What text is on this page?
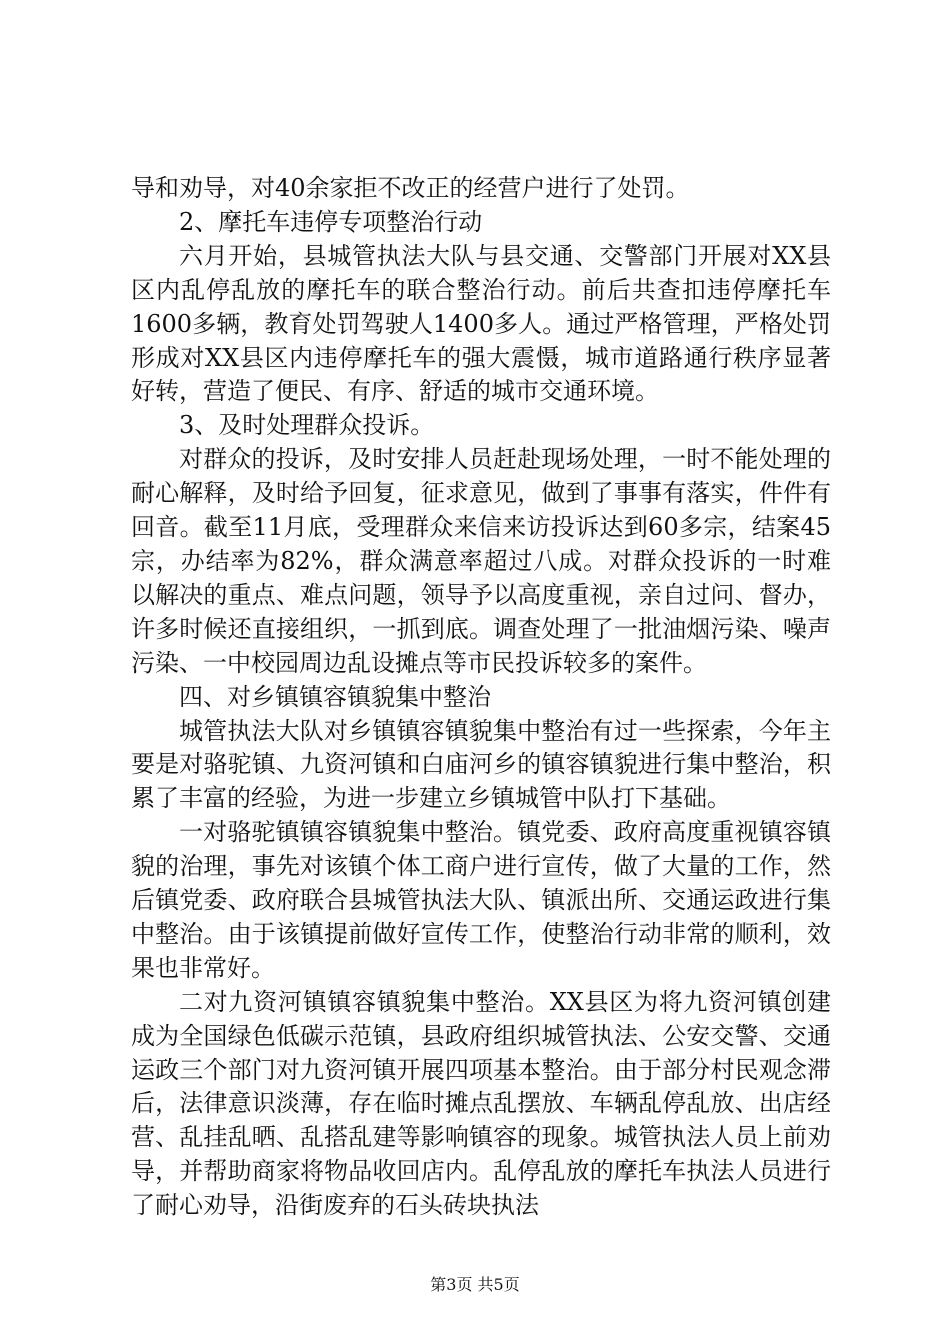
导和劝导，对40余家拒不改正的经营户进行了处罚。

2、摩托车违停专项整治行动

六月开始，县城管执法大队与县交通、交警部门开展对XX县区内乱停乱放的摩托车的联合整治行动。前后共查扣违停摩托车1600多辆，教育处罚驾驶人1400多人。通过严格管理，严格处罚形成对XX县区内违停摩托车的强大震慑，城市道路通行秩序显著好转，营造了便民、有序、舒适的城市交通环境。

3、及时处理群众投诉。

对群众的投诉，及时安排人员赶赴现场处理，一时不能处理的耐心解释，及时给予回复，征求意见，做到了事事有落实，件件有回音。截至11月底，受理群众来信来访投诉达到60多宗，结案45宗，办结率为82%，群众满意率超过八成。对群众投诉的一时难以解决的重点、难点问题，领导予以高度重视，亲自过问、督办，许多时候还直接组织，一抓到底。调查处理了一批油烟污染、噪声污染、一中校园周边乱设摊点等市民投诉较多的案件。

四、对乡镇镇容镇貌集中整治

城管执法大队对乡镇镇容镇貌集中整治有过一些探索，今年主要是对骆驼镇、九资河镇和白庙河乡的镇容镇貌进行集中整治，积累了丰富的经验，为进一步建立乡镇城管中队打下基础。

一对骆驼镇镇容镇貌集中整治。镇党委、政府高度重视镇容镇貌的治理，事先对该镇个体工商户进行宣传，做了大量的工作，然后镇党委、政府联合县城管执法大队、镇派出所、交通运政进行集中整治。由于该镇提前做好宣传工作，使整治行动非常的顺利，效果也非常好。

二对九资河镇镇容镇貌集中整治。XX县区为将九资河镇创建成为全国绿色低碳示范镇，县政府组织城管执法、公安交警、交通运政三个部门对九资河镇开展四项基本整治。由于部分村民观念滞后，法律意识淡薄，存在临时摊点乱摆放、车辆乱停乱放、出店经营、乱挂乱晒、乱搭乱建等影响镇容的现象。城管执法人员上前劝导，并帮助商家将物品收回店内。乱停乱放的摩托车执法人员进行了耐心劝导，沿街废弃的石头砖块执法

第3页 共5页
